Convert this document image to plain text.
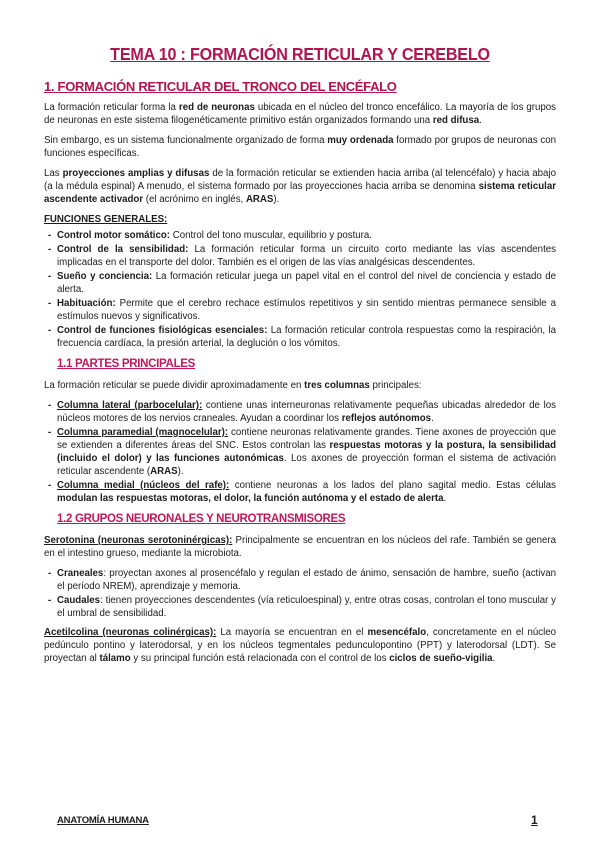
TEMA 10 : FORMACIÓN RETICULAR Y CEREBELO
1. FORMACIÓN RETICULAR DEL TRONCO DEL ENCÉFALO

La formación reticular forma la red de neuronas ubicada en el núcleo del tronco encefálico. La mayoría de los grupos de neuronas en este sistema filogenéticamente primitivo están organizados formando una red difusa.

Sin embargo, es un sistema funcionalmente organizado de forma muy ordenada formado por grupos de neuronas con funciones específicas.

Las proyecciones amplias y difusas de la formación reticular se extienden hacia arriba (al telencéfalo) y hacia abajo (a la médula espinal) A menudo, el sistema formado por las proyecciones hacia arriba se denomina sistema reticular ascendente activador (el acrónimo en inglés, ARAS).

FUNCIONES GENERALES:
- Control motor somático: Control del tono muscular, equilibrio y postura.
- Control de la sensibilidad: La formación reticular forma un circuito corto mediante las vías ascendentes implicadas en el transporte del dolor. También es el origen de las vías analgésicas descendentes.
- Sueño y conciencia: La formación reticular juega un papel vital en el control del nivel de conciencia y estado de alerta.
- Habituación: Permite que el cerebro rechace estímulos repetitivos y sin sentido mientras permanece sensible a estímulos nuevos y significativos.
- Control de funciones fisiológicas esenciales: La formación reticular controla respuestas como la respiración, la frecuencia cardíaca, la presión arterial, la deglución o los vómitos.
1.1 PARTES PRINCIPALES

La formación reticular se puede dividir aproximadamente en tres columnas principales:

- Columna lateral (parbocelular): contiene unas interneuronas relativamente pequeñas ubicadas alrededor de los núcleos motores de los nervios craneales. Ayudan a coordinar los reflejos autónomos.
- Columna paramedial (magnocelular): contiene neuronas relativamente grandes. Tiene axones de proyección que se extienden a diferentes áreas del SNC. Estos controlan las respuestas motoras y la postura, la sensibilidad (incluido el dolor) y las funciones autonómicas. Los axones de proyección forman el sistema de activación reticular ascendente (ARAS).
- Columna medial (núcleos del rafe): contiene neuronas a los lados del plano sagital medio. Estas células modulan las respuestas motoras, el dolor, la función autónoma y el estado de alerta.
1.2 GRUPOS NEURONALES Y NEUROTRANSMISORES

Serotonina (neuronas serotoninérgicas): Principalmente se encuentran en los núcleos del rafe. También se genera en el intestino grueso, mediante la microbiota.

- Craneales: proyectan axones al prosencéfalo y regulan el estado de ánimo, sensación de hambre, sueño (activan el período NREM), aprendizaje y memoria.
- Caudales: tienen proyecciones descendentes (vía reticuloespinal) y, entre otras cosas, controlan el tono muscular y el umbral de sensibilidad.

Acetilcolina (neuronas colinérgicas): La mayoría se encuentran en el mesencéfalo, concretamente en el núcleo pedúnculo pontino y laterodorsal, y en los núcleos tegmentales pedunculopontino (PPT) y laterodorsal (LDT). Se proyectan al tálamo y su principal función está relacionada con el control de los ciclos de sueño-vigilia.

ANATOMÍA HUMANA	1
